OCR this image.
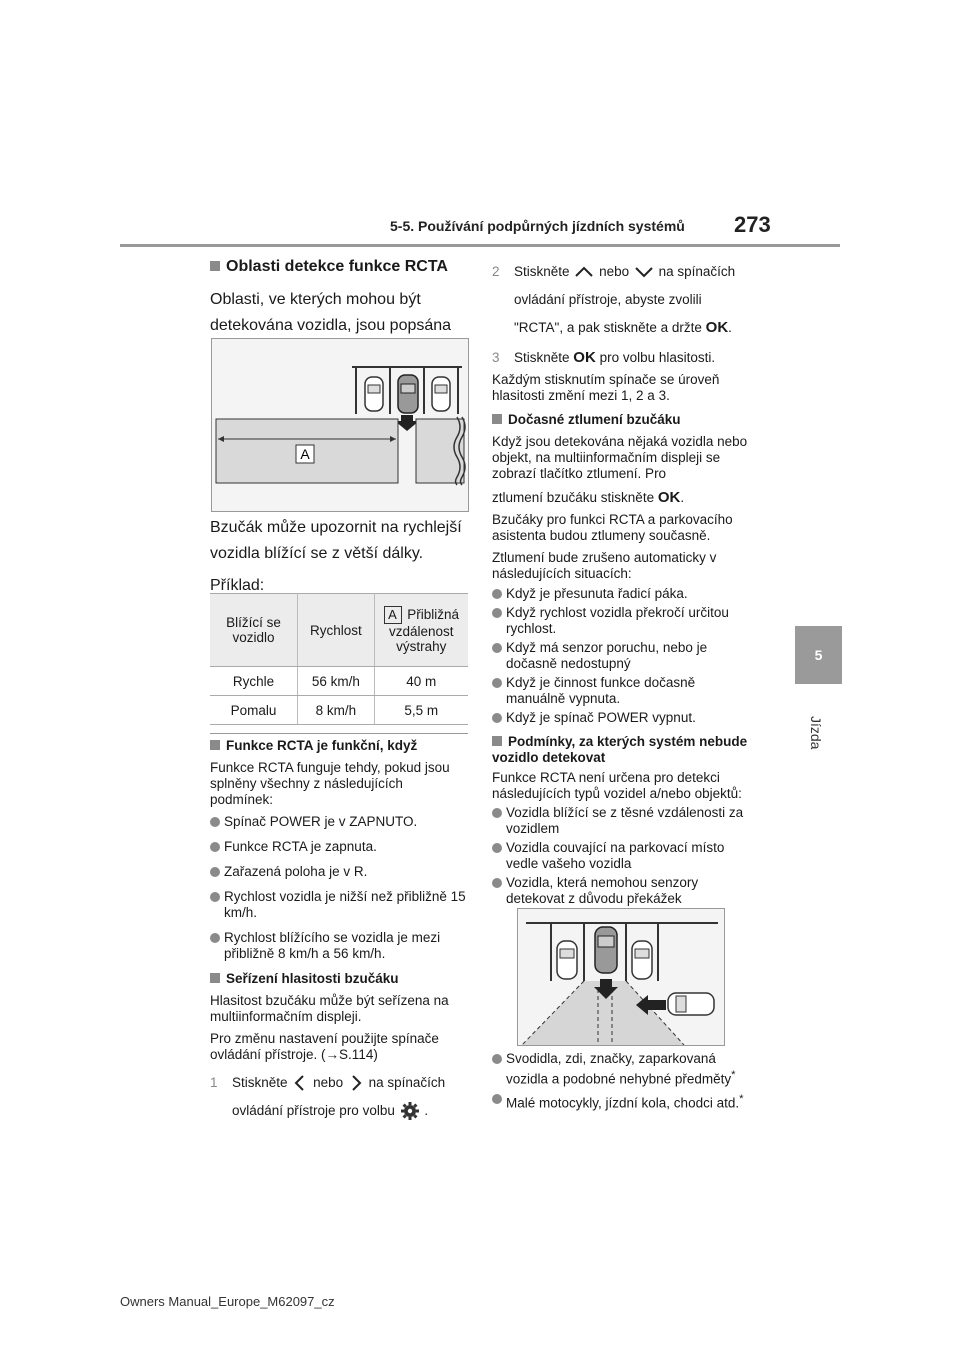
5-5. Používání podpůrných jízdních systémů 273
5
Jízda

Oblasti detekce funkce RCTA

Oblasti, ve kterých mohou být detekována vozidla, jsou popsána

A

Bzučák může upozornit na rychlejší vozidla blížící se z větší dálky.

Příklad:

Blížící se vozidlo	Rychlost	A Přibližná vzdálenost výstrahy
Rychle	56 km/h	40 m
Pomalu	8 km/h	5,5 m

Funkce RCTA je funkční, když

Funkce RCTA funguje tehdy, pokud jsou splněny všechny z následujících podmínek:

Spínač POWER je v ZAPNUTO.

Funkce RCTA je zapnuta.

Zařazená poloha je v R.

Rychlost vozidla je nižší než přibližně 15 km/h.

Rychlost blížícího se vozidla je mezi přibližně 8 km/h a 56 km/h.

Seřízení hlasitosti bzučáku

Hlasitost bzučáku může být seřízena na multiinformačním displeji.

Pro změnu nastavení použijte spínače ovládání přístroje. (→S.114)

1 Stiskněte nebo na spínačích
ovládání přístroje pro volbu .
2 Stiskněte nebo na spínačích
ovládání přístroje, abyste zvolili
"RCTA", a pak stiskněte a držte OK.
3 Stiskněte OK pro volbu hlasitosti.

Každým stisknutím spínače se úroveň hlasitosti změní mezi 1, 2 a 3.

Dočasné ztlumení bzučáku

Když jsou detekována nějaká vozidla nebo objekt, na multiinformačním displeji se zobrazí tlačítko ztlumení. Pro

ztlumení bzučáku stiskněte OK.

Bzučáky pro funkci RCTA a parkovacího asistenta budou ztlumeny současně.

Ztlumení bude zrušeno automaticky v následujících situacích:

Když je přesunuta řadicí páka.

Když rychlost vozidla překročí určitou rychlost.

Když má senzor poruchu, nebo je dočasně nedostupný

Když je činnost funkce dočasně manuálně vypnuta.

Když je spínač POWER vypnut.

Podmínky, za kterých systém nebude vozidlo detekovat

Funkce RCTA není určena pro detekci následujících typů vozidel a/nebo objektů:

Vozidla blížící se z těsné vzdálenosti za vozidlem

Vozidla couvající na parkovací místo vedle vašeho vozidla

Vozidla, která nemohou senzory detekovat z důvodu překážek

Svodidla, zdi, značky, zaparkovaná vozidla a podobné nehybné předměty*

Malé motocykly, jízdní kola, chodci atd.*

Owners Manual_Europe_M62097_cz
